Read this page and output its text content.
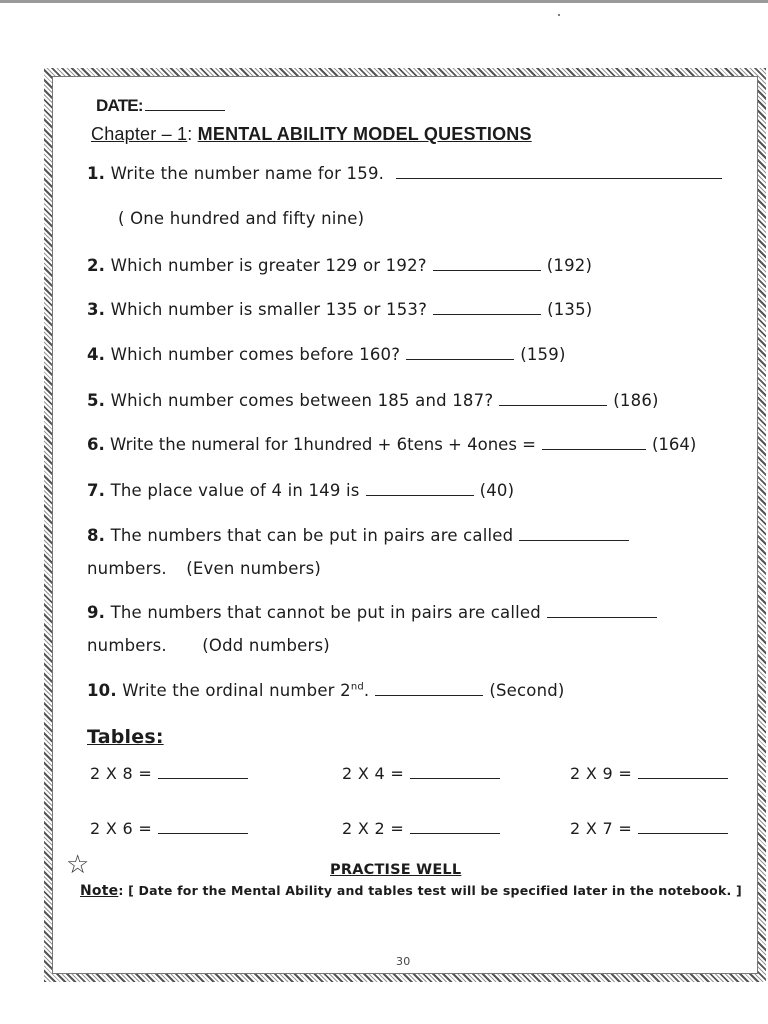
DATE:
Chapter – 1: MENTAL ABILITY MODEL QUESTIONS
1. Write the number name for 159.
( One hundred and fifty nine)
2. Which number is greater 129 or 192?	(192)
3. Which number is smaller 135 or 153?	(135)
4. Which number comes before 160?	(159)
5. Which number comes between 185 and 187?	(186)
6. Write the numeral for 1hundred + 6tens + 4ones =	(164)
7. The place value of 4 in 149 is	(40)
8. The numbers that can be put in pairs are called
numbers. (Even numbers)
9. The numbers that cannot be put in pairs are called
numbers. (Odd numbers)
10. Write the ordinal number 2nd.	(Second)
Tables:
2 X 8 =	2 X 4 =	2 X 9 =
2 X 6 =	2 X 2 =	2 X 7 =
☆	PRACTISE WELL
Note: [ Date for the Mental Ability and tables test will be specified later in the notebook. ]
30
